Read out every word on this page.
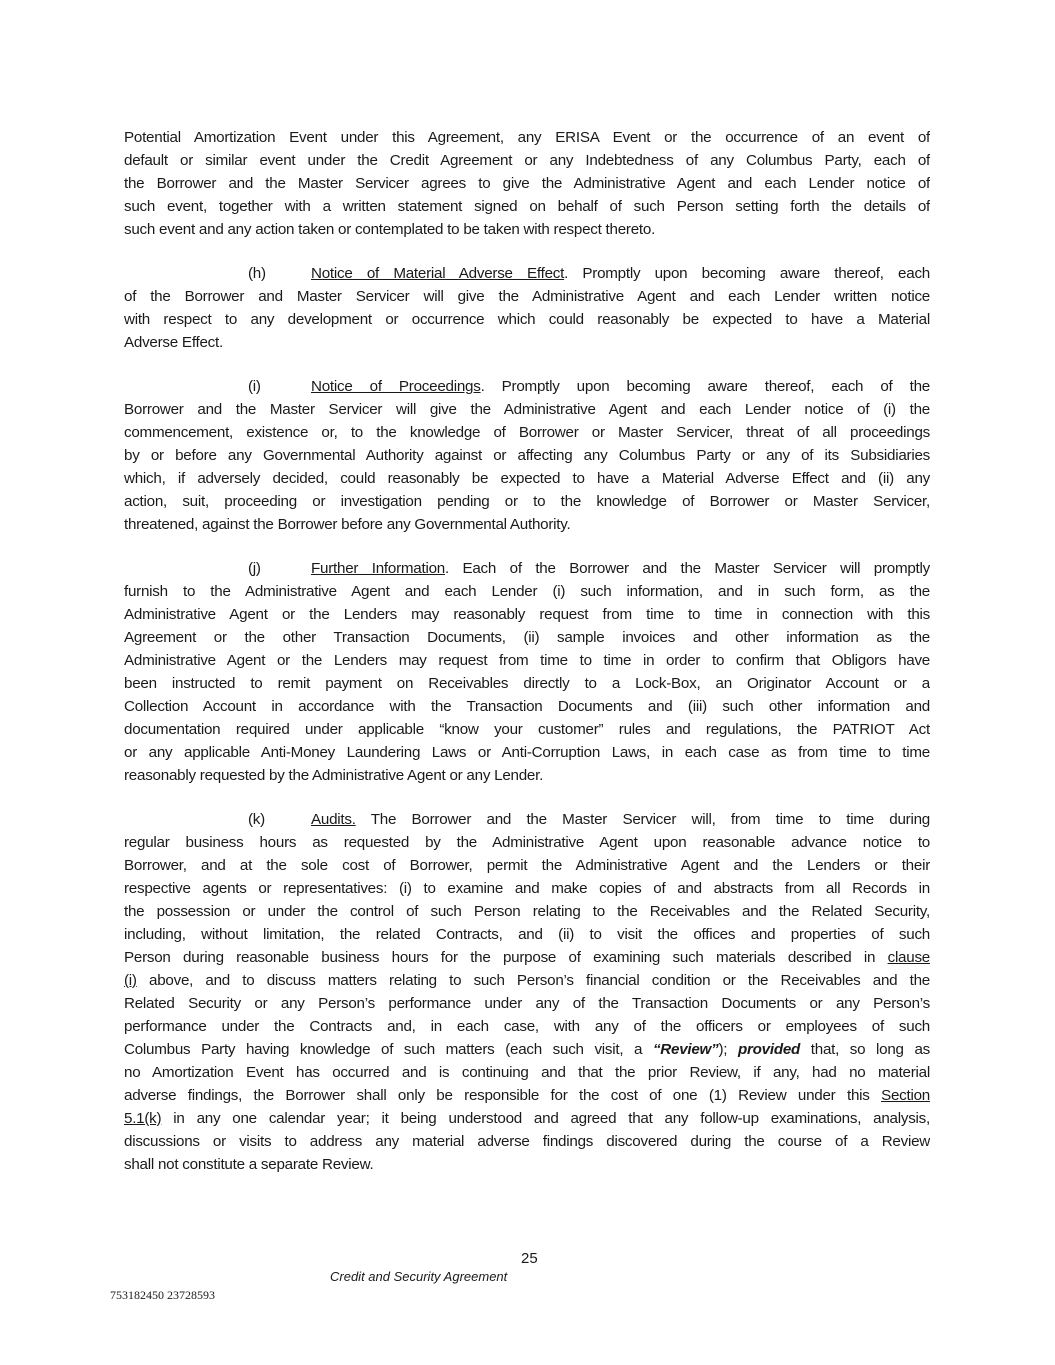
Potential Amortization Event under this Agreement, any ERISA Event or the occurrence of an event of
default or similar event under the Credit Agreement or any Indebtedness of any Columbus Party, each of
the Borrower and the Master Servicer agrees to give the Administrative Agent and each Lender notice of
such event, together with a written statement signed on behalf of such Person setting forth the details of
such event and any action taken or contemplated to be taken with respect thereto.
(h)	Notice of Material Adverse Effect. Promptly upon becoming aware thereof, each
of the Borrower and Master Servicer will give the Administrative Agent and each Lender written notice
with respect to any development or occurrence which could reasonably be expected to have a Material
Adverse Effect.
(i)	Notice of Proceedings. Promptly upon becoming aware thereof, each of the
Borrower and the Master Servicer will give the Administrative Agent and each Lender notice of (i) the
commencement, existence or, to the knowledge of Borrower or Master Servicer, threat of all proceedings
by or before any Governmental Authority against or affecting any Columbus Party or any of its Subsidiaries
which, if adversely decided, could reasonably be expected to have a Material Adverse Effect and (ii) any
action, suit, proceeding or investigation pending or to the knowledge of Borrower or Master Servicer,
threatened, against the Borrower before any Governmental Authority.
(j)	Further Information. Each of the Borrower and the Master Servicer will promptly
furnish to the Administrative Agent and each Lender (i) such information, and in such form, as the
Administrative Agent or the Lenders may reasonably request from time to time in connection with this
Agreement or the other Transaction Documents, (ii) sample invoices and other information as the
Administrative Agent or the Lenders may request from time to time in order to confirm that Obligors have
been instructed to remit payment on Receivables directly to a Lock-Box, an Originator Account or a
Collection Account in accordance with the Transaction Documents and (iii) such other information and
documentation required under applicable “know your customer” rules and regulations, the PATRIOT Act
or any applicable Anti-Money Laundering Laws or Anti-Corruption Laws, in each case as from time to time
reasonably requested by the Administrative Agent or any Lender.
(k)	Audits. The Borrower and the Master Servicer will, from time to time during
regular business hours as requested by the Administrative Agent upon reasonable advance notice to
Borrower, and at the sole cost of Borrower, permit the Administrative Agent and the Lenders or their
respective agents or representatives: (i) to examine and make copies of and abstracts from all Records in
the possession or under the control of such Person relating to the Receivables and the Related Security,
including, without limitation, the related Contracts, and (ii) to visit the offices and properties of such
Person during reasonable business hours for the purpose of examining such materials described in clause
(i) above, and to discuss matters relating to such Person’s financial condition or the Receivables and the
Related Security or any Person’s performance under any of the Transaction Documents or any Person’s
performance under the Contracts and, in each case, with any of the officers or employees of such
Columbus Party having knowledge of such matters (each such visit, a “Review”); provided that, so long as
no Amortization Event has occurred and is continuing and that the prior Review, if any, had no material
adverse findings, the Borrower shall only be responsible for the cost of one (1) Review under this Section
5.1(k) in any one calendar year; it being understood and agreed that any follow-up examinations, analysis,
discussions or visits to address any material adverse findings discovered during the course of a Review
shall not constitute a separate Review.
25
Credit and Security Agreement
753182450 23728593
